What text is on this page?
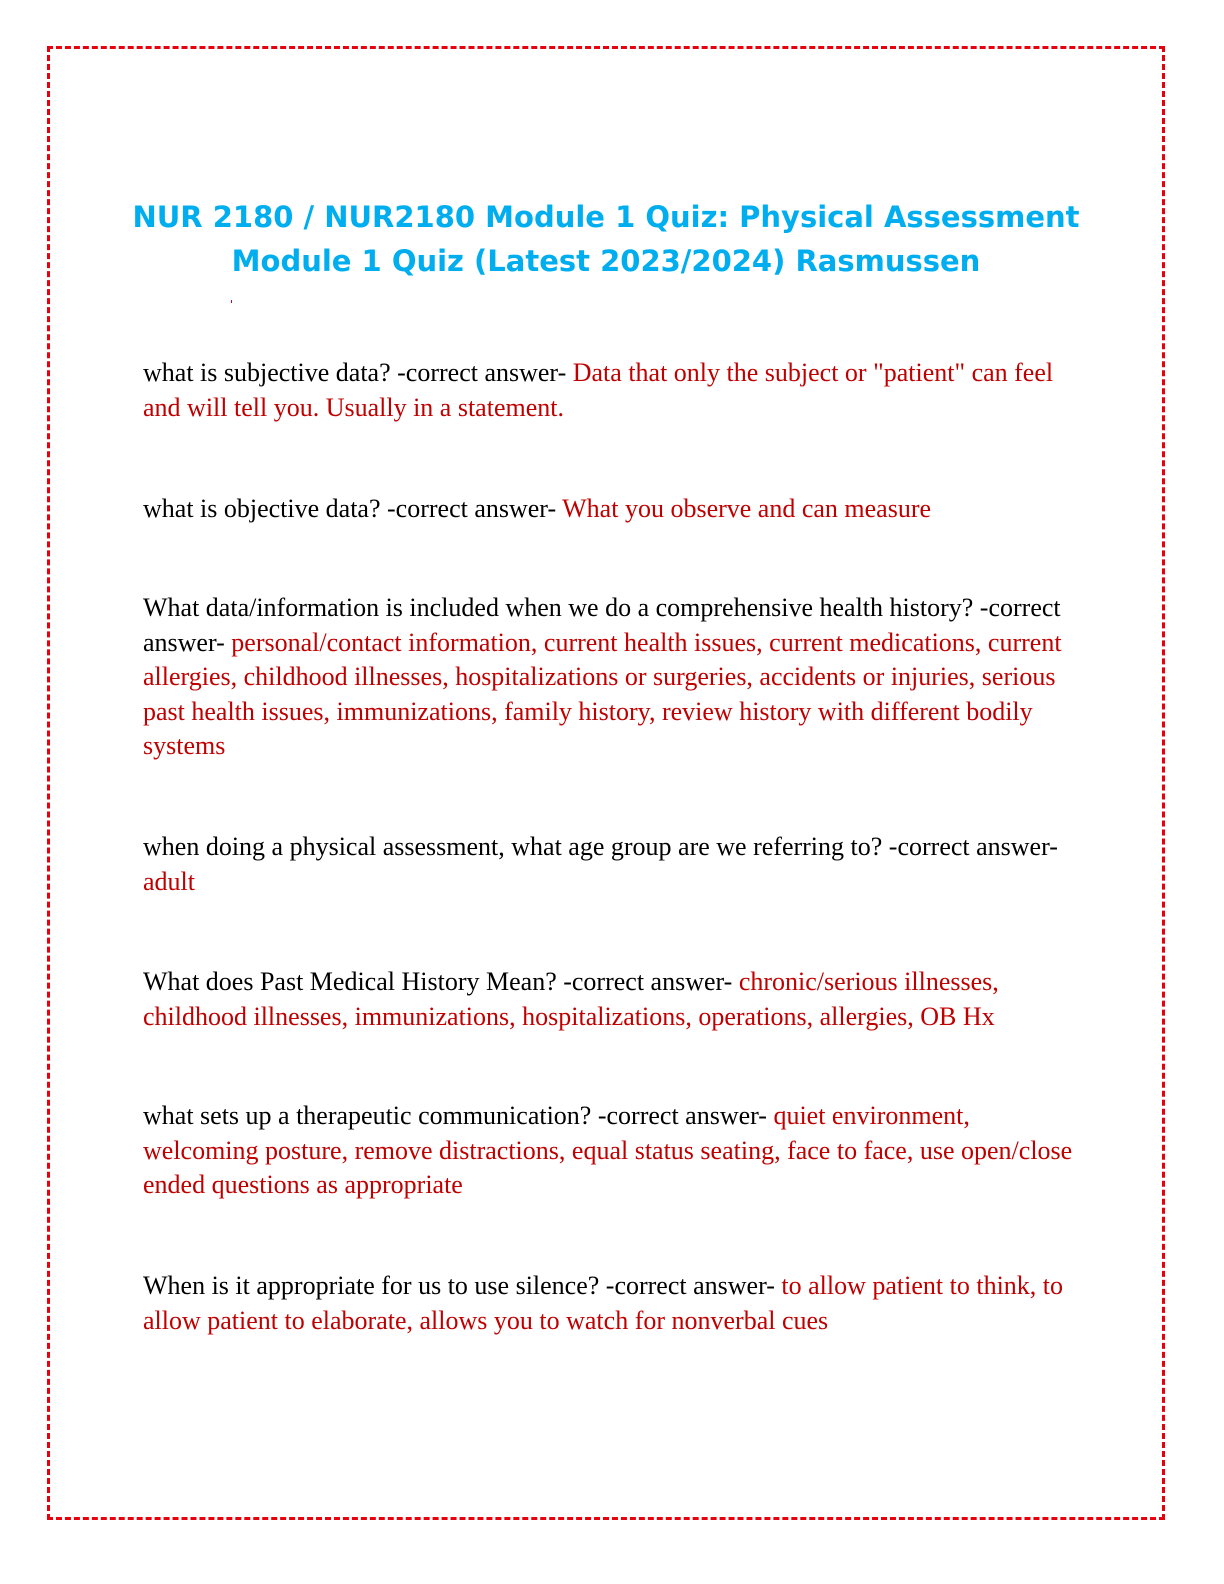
NUR 2180 / NUR2180 Module 1 Quiz: Physical Assessment
Module 1 Quiz (Latest 2023/2024) Rasmussen

what is subjective data? -correct answer- Data that only the subject or "patient" can feel and will tell you. Usually in a statement.

what is objective data? -correct answer- What you observe and can measure

What data/information is included when we do a comprehensive health history? -correct answer- personal/contact information, current health issues, current medications, current allergies, childhood illnesses, hospitalizations or surgeries, accidents or injuries, serious past health issues, immunizations, family history, review history with different bodily systems

when doing a physical assessment, what age group are we referring to? -correct answer- adult

What does Past Medical History Mean? -correct answer- chronic/serious illnesses, childhood illnesses, immunizations, hospitalizations, operations, allergies, OB Hx

what sets up a therapeutic communication? -correct answer- quiet environment, welcoming posture, remove distractions, equal status seating, face to face, use open/close ended questions as appropriate

When is it appropriate for us to use silence? -correct answer- to allow patient to think, to allow patient to elaborate, allows you to watch for nonverbal cues
